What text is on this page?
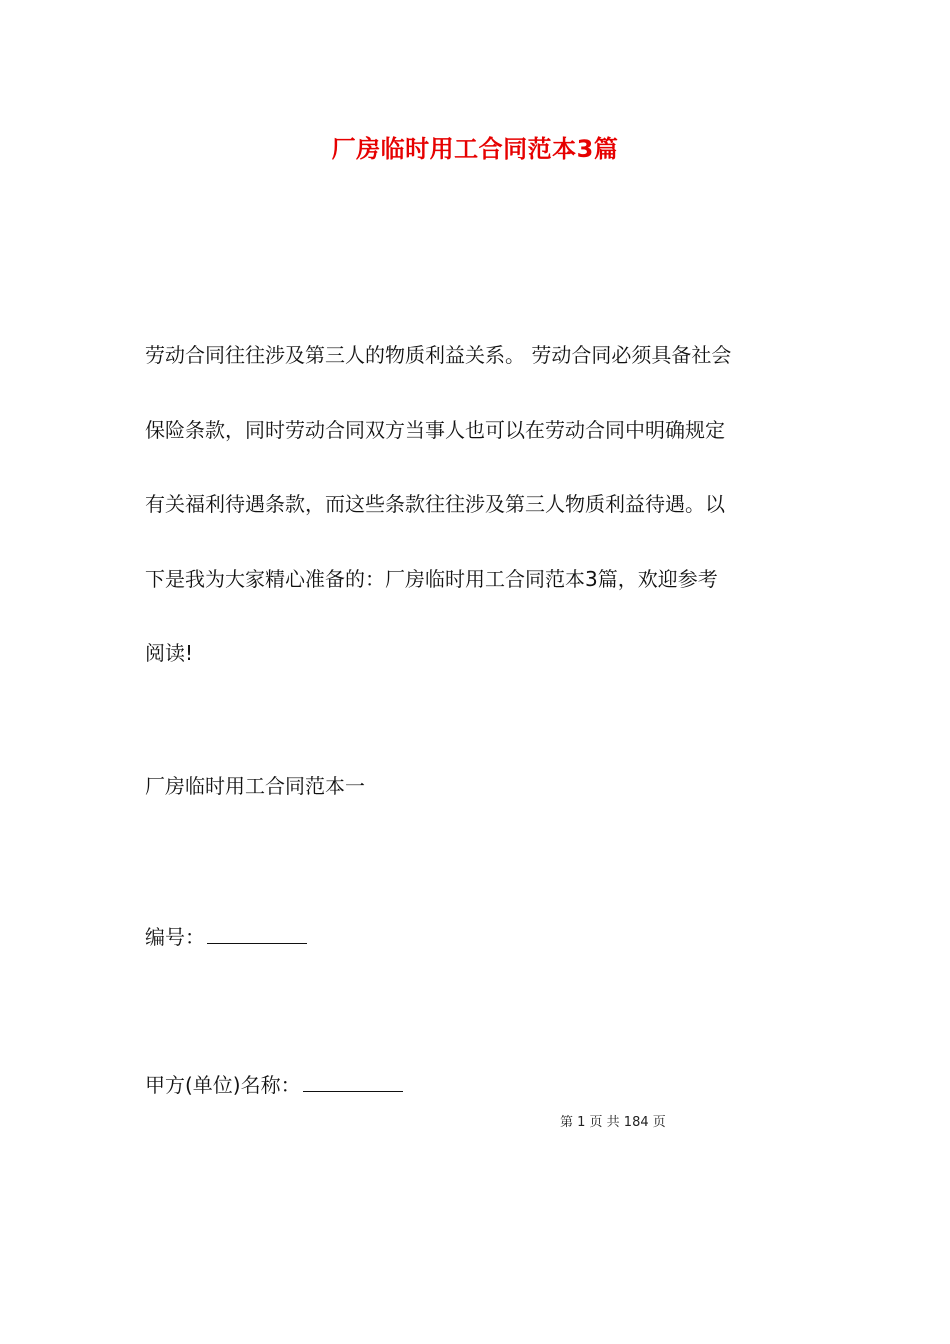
厂房临时用工合同范本3篇

劳动合同往往涉及第三人的物质利益关系。 劳动合同必须具备社会
保险条款，同时劳动合同双方当事人也可以在劳动合同中明确规定
有关福利待遇条款，而这些条款往往涉及第三人物质利益待遇。以
下是我为大家精心准备的：厂房临时用工合同范本3篇，欢迎参考
阅读!

厂房临时用工合同范本一
编号：
甲方(单位)名称：
第 1 页 共 184 页
